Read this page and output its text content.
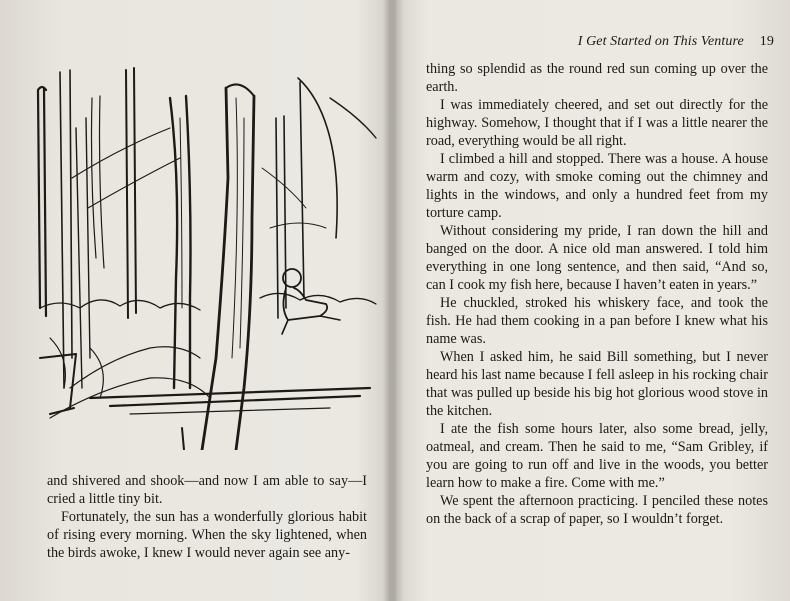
and shivered and shook—and now I am able to say—I cried a little tiny bit.

Fortunately, the sun has a wonderfully glorious habit of rising every morning. When the sky lightened, when the birds awoke, I knew I would never again see any-

I Get Started on This Venture 19

thing so splendid as the round red sun coming up over the earth.

I was immediately cheered, and set out directly for the highway. Somehow, I thought that if I was a little nearer the road, everything would be all right.

I climbed a hill and stopped. There was a house. A house warm and cozy, with smoke coming out the chimney and lights in the windows, and only a hundred feet from my torture camp.

Without considering my pride, I ran down the hill and banged on the door. A nice old man answered. I told him everything in one long sentence, and then said, “And so, can I cook my fish here, because I haven’t eaten in years.”

He chuckled, stroked his whiskery face, and took the fish. He had them cooking in a pan before I knew what his name was.

When I asked him, he said Bill something, but I never heard his last name because I fell asleep in his rocking chair that was pulled up beside his big hot glorious wood stove in the kitchen.

I ate the fish some hours later, also some bread, jelly, oatmeal, and cream. Then he said to me, “Sam Gribley, if you are going to run off and live in the woods, you better learn how to make a fire. Come with me.”

We spent the afternoon practicing. I penciled these notes on the back of a scrap of paper, so I wouldn’t forget.
